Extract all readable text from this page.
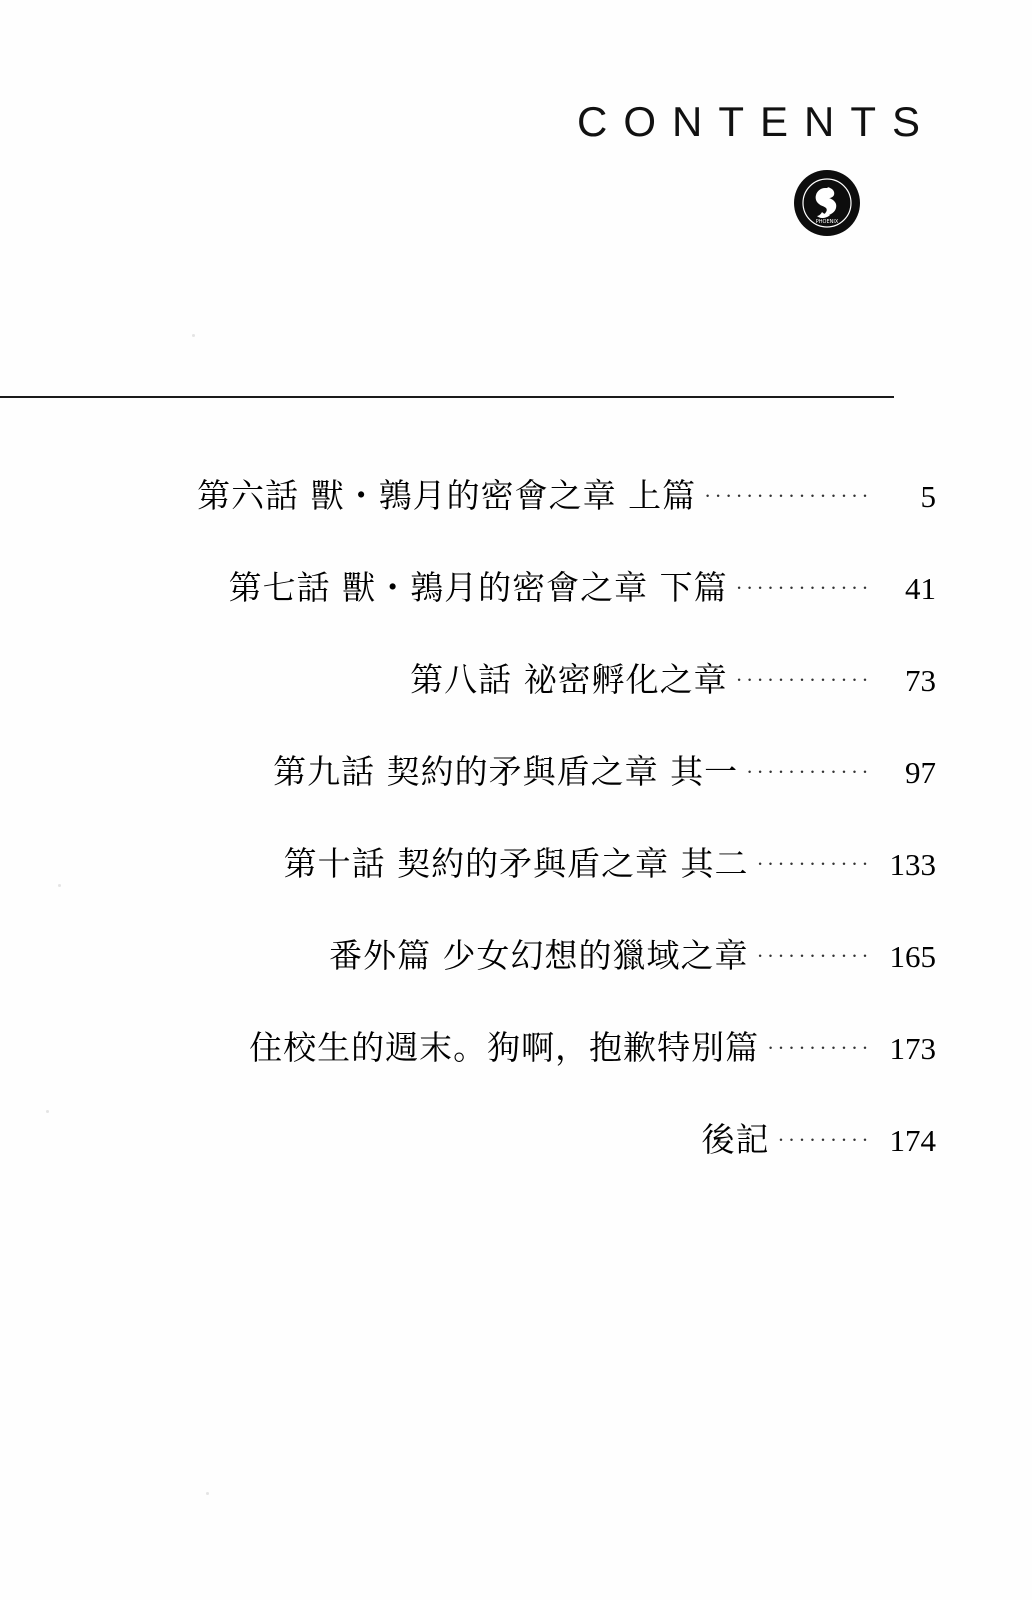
CONTENTS
PHOENIX
第六話 獸・鶉月的密會之章 上篇 ················	5
第七話 獸・鶉月的密會之章 下篇 ·············	41
第八話 祕密孵化之章 ·············	73
第九話 契約的矛與盾之章 其一 ············	97
第十話 契約的矛與盾之章 其二 ··········· 133
番外篇 少女幻想的獵域之章 ··········· 165
住校生的週末。狗啊，抱歉特別篇 ·········· 173
後記 ········· 174
